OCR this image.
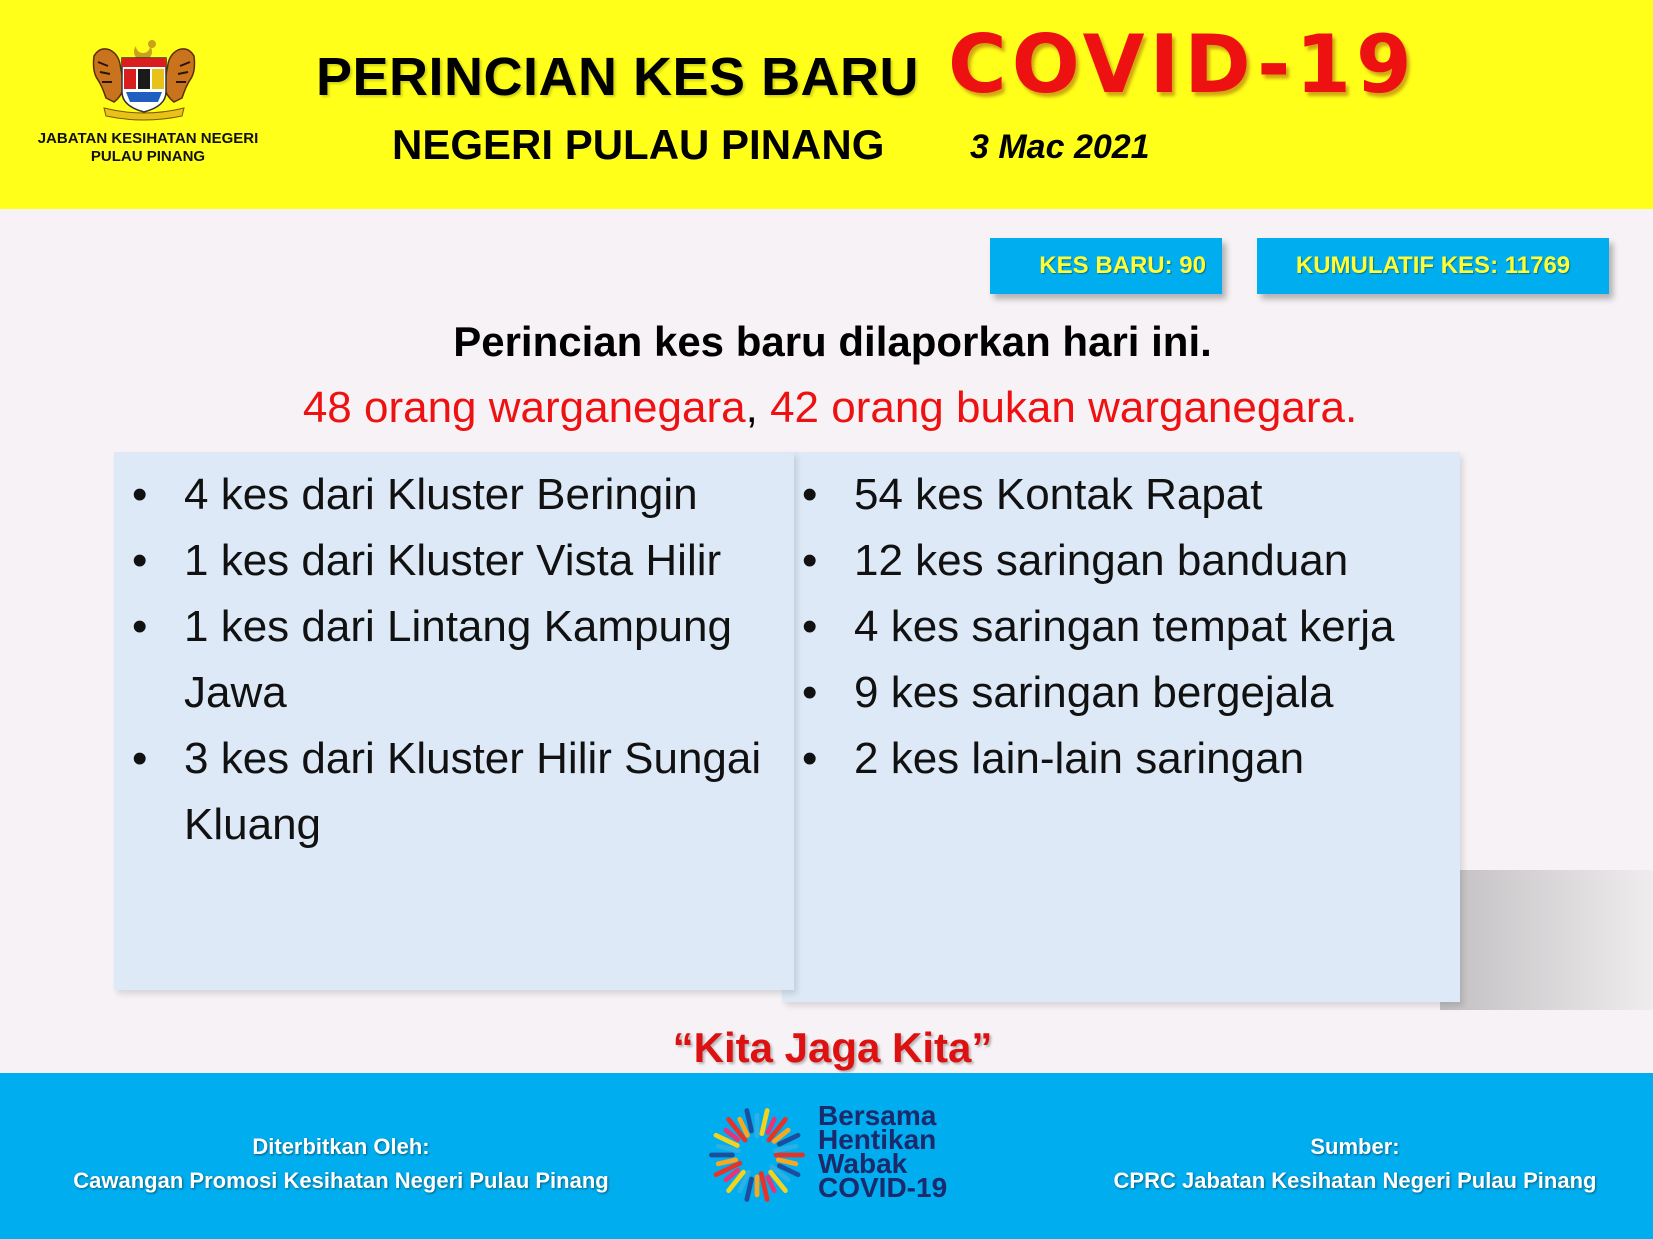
JABATAN KESIHATAN NEGERI
PULAU PINANG
PERINCIAN KES BARU COVID-19
NEGERI PULAU PINANG	3 Mac 2021
KES BARU: 90	KUMULATIF KES: 11769
Perincian kes baru dilaporkan hari ini.
48 orang warganegara, 42 orang bukan warganegara.
• 4 kes dari Kluster Beringin
• 1 kes dari Kluster Vista Hilir
• 1 kes dari Lintang Kampung Jawa
• 3 kes dari Kluster Hilir Sungai Kluang
• 54 kes Kontak Rapat
• 12 kes saringan banduan
• 4 kes saringan tempat kerja
• 9 kes saringan bergejala
• 2 kes lain-lain saringan
“Kita Jaga Kita”
Diterbitkan Oleh:
Cawangan Promosi Kesihatan Negeri Pulau Pinang
Bersama
Hentikan
Wabak
COVID-19
Sumber:
CPRC Jabatan Kesihatan Negeri Pulau Pinang
